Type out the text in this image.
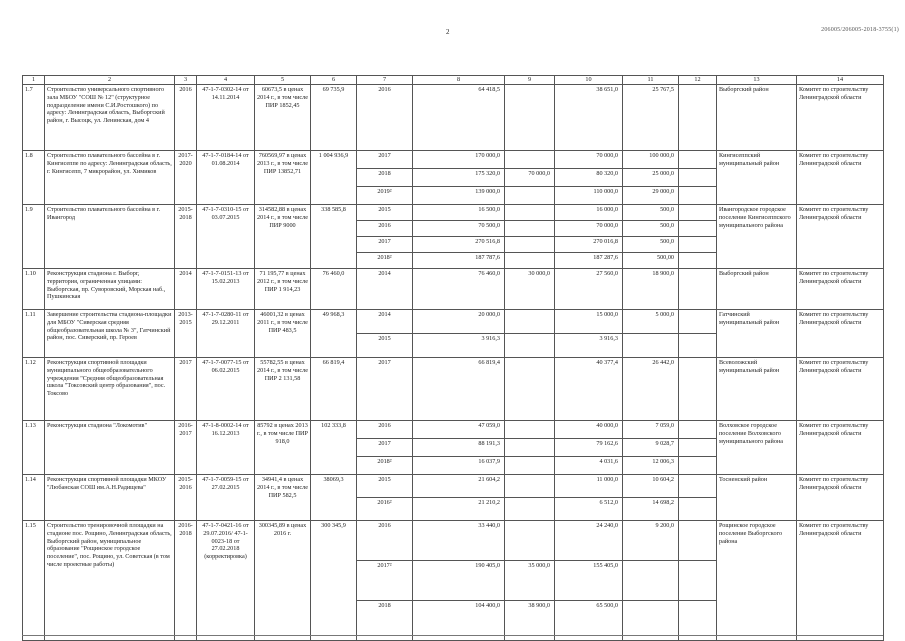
2	206005/206005-2018-3755(1)
1	2	3	4	5	6	7	8	9	10	11	12	13	14
1.7	Строительство универсального спортивного зала МБОУ "СОШ № 12" (структурное подразделение имени С.И.Ростошкого) по адресу: Ленинградская область, Выборгский район, г. Высоцк, ул. Ленинская, дом 4	2016	47-1-7-0302-14 от 14.11.2014	60673,5 в ценах 2014 г., в том числе ПИР 1852,45	69 735,9	2016	64 418,5		38 651,0	25 767,5		Выборгский район	Комитет по строительству Ленинградской области
1.8	Строительство плавательного бассейна в г. Кингисеппе по адресу: Ленинградская область, г. Кингисепп, 7 микрорайон, ул. Химиков	2017-2020	47-1-7-0184-14 от 01.08.2014	760569,97 в ценах 2013 г., в том числе ПИР 13852,71	1 004 936,9	2017	170 000,0		70 000,0	100 000,0		Кингисеппский муниципальный район	Комитет по строительству Ленинградской области
						2018	175 320,0	70 000,0	80 320,0	25 000,0			
						2019²	139 000,0		110 000,0	29 000,0			
1.9	Строительство плавательного бассейна в г. Ивангород	2015-2018	47-1-7-0310-15 от 03.07.2015	314582,88 в ценах 2014 г., в том числе ПИР 9000	338 585,8	2015	16 500,0		16 000,0	500,0		Ивангородское городское поселение Кингисеппского муниципального района	Комитет по строительству Ленинградской области
						2016	70 500,0		70 000,0	500,0			
						2017	270 516,8		270 016,8	500,0			
						2018²	187 787,6		187 287,6	500,00			
1.10	Реконструкция стадиона г. Выборг, территория, ограниченная улицами: Выборгская, пр. Суворовский, Морская наб., Пушкинская	2014	47-1-7-0151-13 от 15.02.2013	71 195,77 в ценах 2012 г., в том числе ПИР 1 914,23	76 460,0	2014	76 460,0	30 000,0	27 560,0	18 900,0		Выборгский район	Комитет по строительству Ленинградской области
1.11	Завершение строительства стадиона-площадки для МБОУ "Сиверская средняя общеобразовательная школа № 3", Гатчинский район, пос. Сиверский, пр. Героев	2013-2015	47-1-7-0280-11 от 29.12.2011	46001,32 в ценах 2011 г., в том числе ПИР 483,5	49 968,3	2014	20 000,0		15 000,0	5 000,0		Гатчинский муниципальный район	Комитет по строительству Ленинградской области
						2015	3 916,3		3 916,3				
1.12	Реконструкция спортивной площадки муниципального общеобразовательного учреждения "Средняя общеобразовательная школа "Токсовский центр образования", пос. Токсово	2017	47-1-7-0077-15 от 06.02.2015	55782,55 в ценах 2014 г., в том числе ПИР 2 131,58	66 819,4	2017	66 819,4		40 377,4	26 442,0		Всеволожский муниципальный район	Комитет по строительству Ленинградской области
1.13	Реконструкция стадиона "Локомотив"	2016-2017	47-1-8-0002-14 от 16.12.2013	85792 в ценах 2013 г., в том числе ПИР 918,0	102 333,8	2016	47 059,0		40 000,0	7 059,0		Волховское городское поселение Волховского муниципального района	Комитет по строительству Ленинградской области
						2017	88 191,3		79 162,6	9 028,7			
						2018²	16 037,9		4 031,6	12 006,3			
1.14	Реконструкция спортивной площадки МКОУ "Любанская СОШ им.А.Н.Радищева"	2015-2016	47-1-7-0059-15 от 27.02.2015	34941,4 в ценах 2014 г., в том числе ПИР 582,5	38069,3	2015	21 604,2		11 000,0	10 604,2		Тосненский район	Комитет по строительству Ленинградской области
						2016²	21 210,2		6 512,0	14 698,2			
1.15	Строительство тренировочной площадки на стадионе пос. Рощино, Ленинградская область, Выборгский район, муниципальное образование "Рощинское городское поселение", пос. Рощино, ул. Советская (в том числе проектные работы)	2016-2018	47-1-7-0421-16 от 29.07.2016/ 47-1-0023-18 от 27.02.2018 (корректировка)	300345,89 в ценах 2016 г.	300 345,9	2016	33 440,0		24 240,0	9 200,0		Рощинское городское поселение Выборгского района	Комитет по строительству Ленинградской области
						2017²	190 405,0	35 000,0	155 405,0				
						2018	104 400,0	38 900,0	65 500,0				
